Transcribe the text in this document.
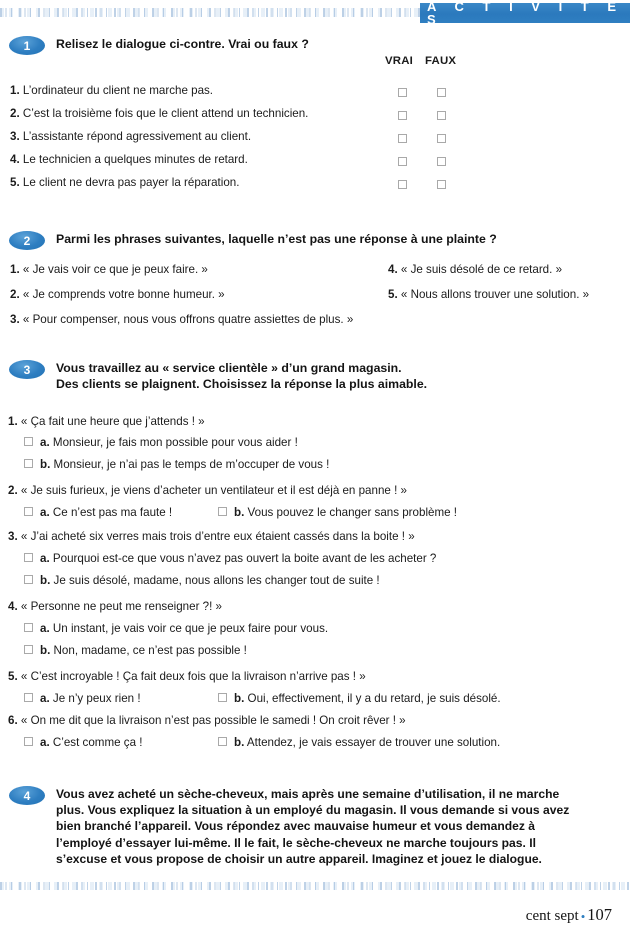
A C T I V I T É S
1	Relisez le dialogue ci-contre. Vrai ou faux ?
VRAI FAUX
1. L’ordinateur du client ne marche pas.
2. C’est la troisième fois que le client attend un technicien.
3. L’assistante répond agressivement au client.
4. Le technicien a quelques minutes de retard.
5. Le client ne devra pas payer la réparation.
2	Parmi les phrases suivantes, laquelle n’est pas une réponse à une plainte ?
1. « Je vais voir ce que je peux faire. »
2. « Je comprends votre bonne humeur. »
3. « Pour compenser, nous vous offrons quatre assiettes de plus. »
4. « Je suis désolé de ce retard. »
5. « Nous allons trouver une solution. »
3	Vous travaillez au « service clientèle » d’un grand magasin.
Des clients se plaignent. Choisissez la réponse la plus aimable.
1. « Ça fait une heure que j’attends ! »
a. Monsieur, je fais mon possible pour vous aider !
b. Monsieur, je n’ai pas le temps de m’occuper de vous !
2. « Je suis furieux, je viens d’acheter un ventilateur et il est déjà en panne ! »
a. Ce n’est pas ma faute !	b. Vous pouvez le changer sans problème !
3. « J’ai acheté six verres mais trois d’entre eux étaient cassés dans la boite ! »
a. Pourquoi est-ce que vous n’avez pas ouvert la boite avant de les acheter ?
b. Je suis désolé, madame, nous allons les changer tout de suite !
4. « Personne ne peut me renseigner ?! »
a. Un instant, je vais voir ce que je peux faire pour vous.
b. Non, madame, ce n’est pas possible !
5. « C’est incroyable ! Ça fait deux fois que la livraison n’arrive pas ! »
a. Je n’y peux rien !	b. Oui, effectivement, il y a du retard, je suis désolé.
6. « On me dit que la livraison n’est pas possible le samedi ! On croit rêver ! »
a. C’est comme ça !	b. Attendez, je vais essayer de trouver une solution.
4	Vous avez acheté un sèche-cheveux, mais après une semaine d’utilisation, il ne marche plus. Vous expliquez la situation à un employé du magasin. Il vous demande si vous avez bien branché l’appareil. Vous répondez avec mauvaise humeur et vous demandez à l’employé d’essayer lui-même. Il le fait, le sèche-cheveux ne marche toujours pas. Il s’excuse et vous propose de choisir un autre appareil. Imaginez et jouez le dialogue.
cent sept • 107
